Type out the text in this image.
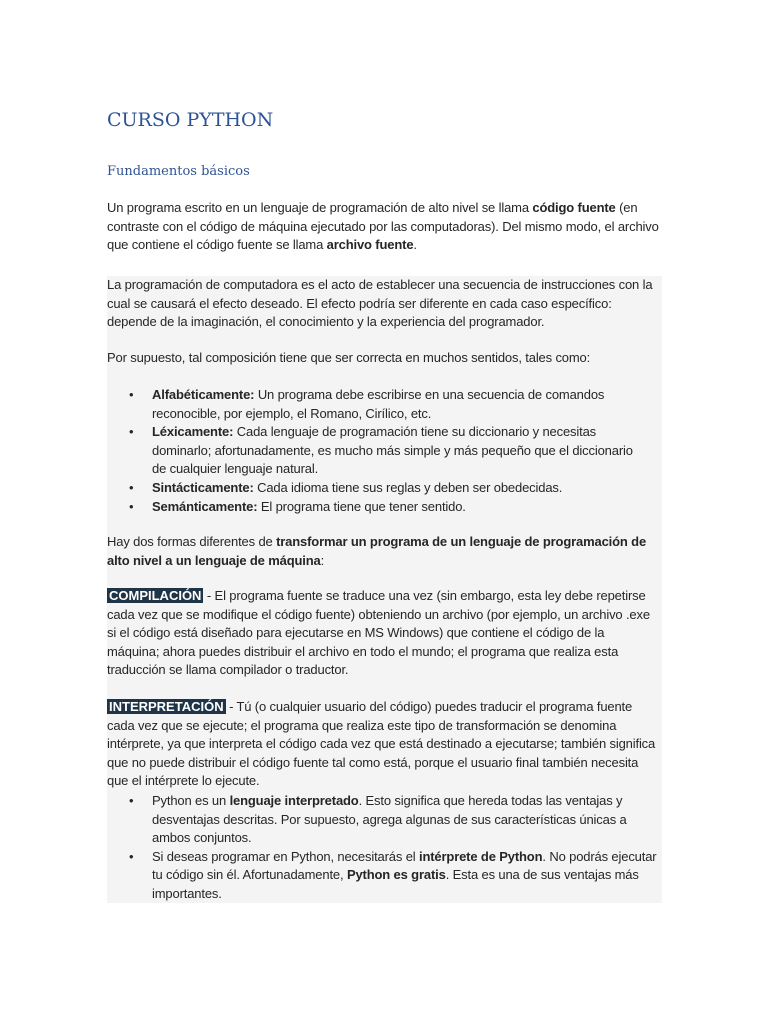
CURSO PYTHON
Fundamentos básicos

Un programa escrito en un lenguaje de programación de alto nivel se llama código fuente (en contraste con el código de máquina ejecutado por las computadoras). Del mismo modo, el archivo que contiene el código fuente se llama archivo fuente.

La programación de computadora es el acto de establecer una secuencia de instrucciones con la cual se causará el efecto deseado. El efecto podría ser diferente en cada caso específico: depende de la imaginación, el conocimiento y la experiencia del programador.

Por supuesto, tal composición tiene que ser correcta en muchos sentidos, tales como:

• Alfabéticamente: Un programa debe escribirse en una secuencia de comandos reconocible, por ejemplo, el Romano, Cirílico, etc.
• Léxicamente: Cada lenguaje de programación tiene su diccionario y necesitas dominarlo; afortunadamente, es mucho más simple y más pequeño que el diccionario de cualquier lenguaje natural.
• Sintácticamente: Cada idioma tiene sus reglas y deben ser obedecidas.
• Semánticamente: El programa tiene que tener sentido.

Hay dos formas diferentes de transformar un programa de un lenguaje de programación de alto nivel a un lenguaje de máquina:

COMPILACIÓN - El programa fuente se traduce una vez (sin embargo, esta ley debe repetirse cada vez que se modifique el código fuente) obteniendo un archivo (por ejemplo, un archivo .exe si el código está diseñado para ejecutarse en MS Windows) que contiene el código de la máquina; ahora puedes distribuir el archivo en todo el mundo; el programa que realiza esta traducción se llama compilador o traductor.

INTERPRETACIÓN - Tú (o cualquier usuario del código) puedes traducir el programa fuente cada vez que se ejecute; el programa que realiza este tipo de transformación se denomina intérprete, ya que interpreta el código cada vez que está destinado a ejecutarse; también significa que no puede distribuir el código fuente tal como está, porque el usuario final también necesita que el intérprete lo ejecute.

• Python es un lenguaje interpretado. Esto significa que hereda todas las ventajas y desventajas descritas. Por supuesto, agrega algunas de sus características únicas a ambos conjuntos.
• Si deseas programar en Python, necesitarás el intérprete de Python. No podrás ejecutar tu código sin él. Afortunadamente, Python es gratis. Esta es una de sus ventajas más importantes.
